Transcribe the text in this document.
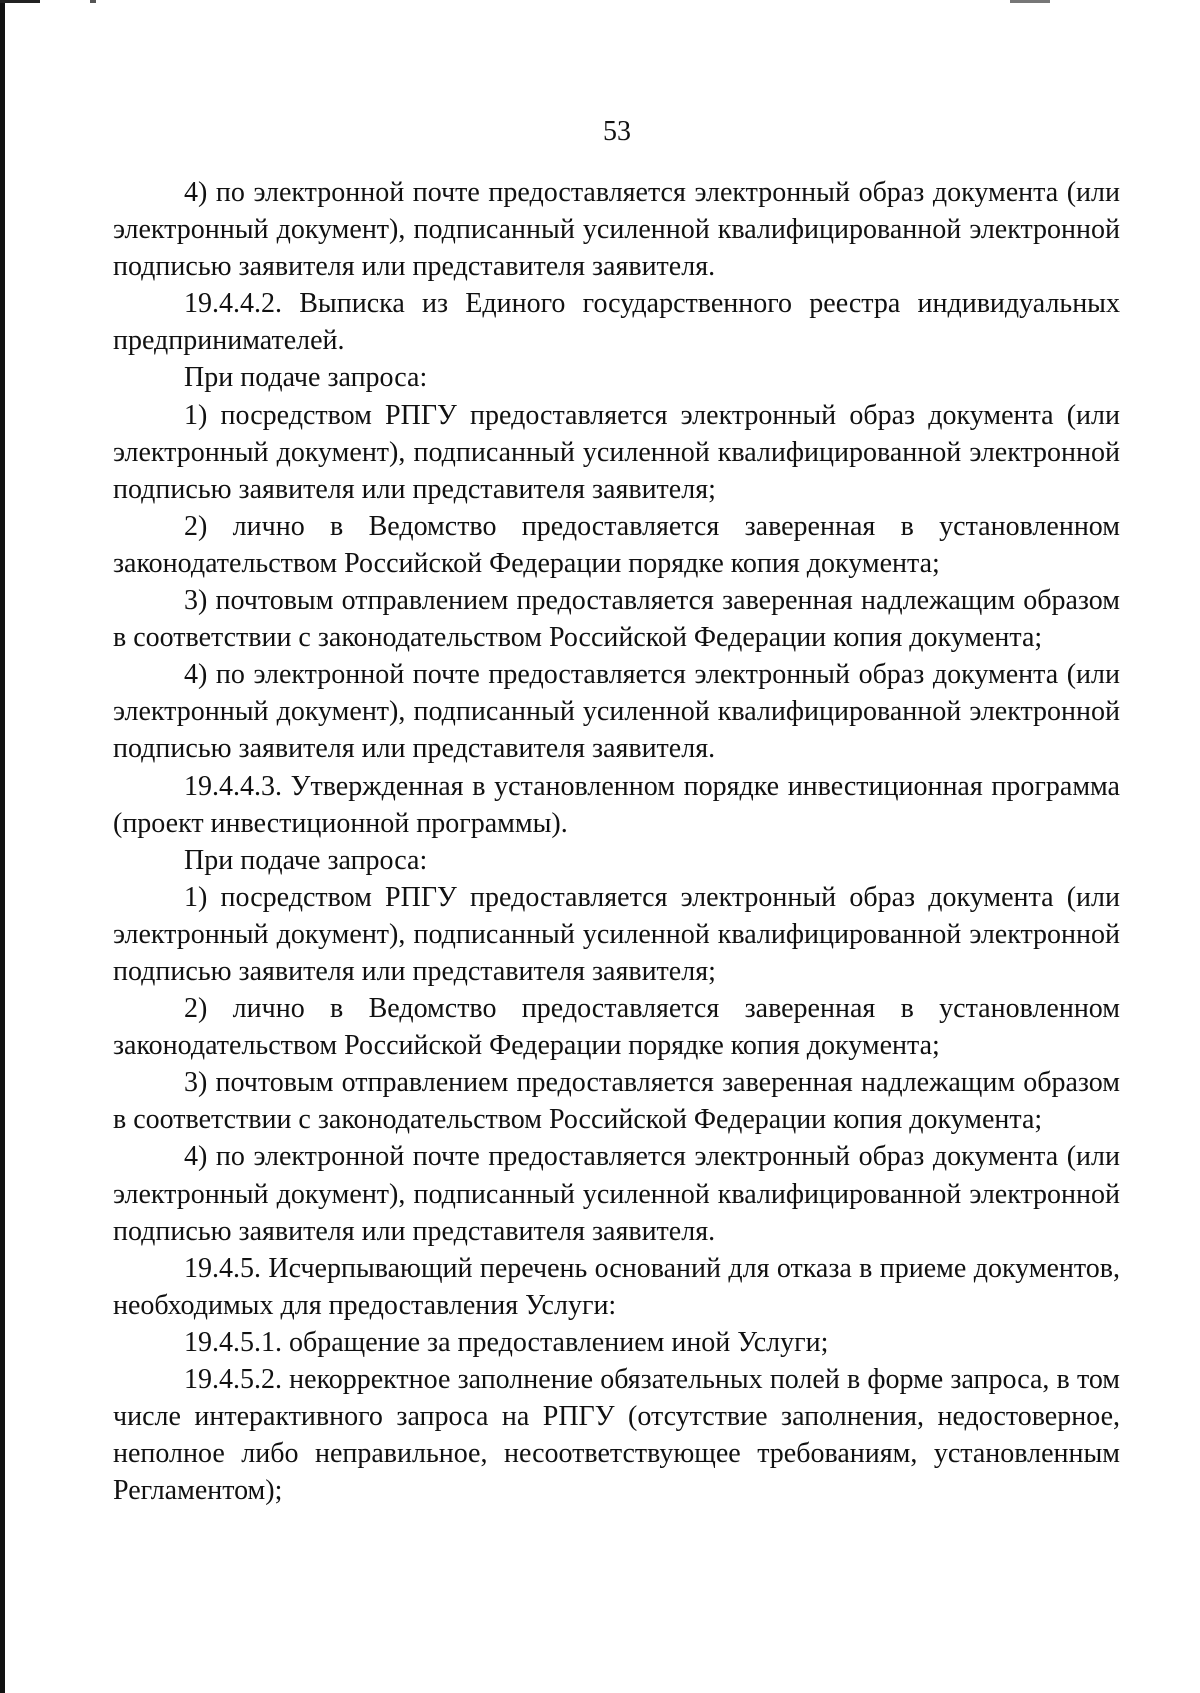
53

4) по электронной почте предоставляется электронный образ документа (или электронный документ), подписанный усиленной квалифицированной электронной подписью заявителя или представителя заявителя.

19.4.4.2. Выписка из Единого государственного реестра индивидуальных предпринимателей.

При подаче запроса:

1) посредством РПГУ предоставляется электронный образ документа (или электронный документ), подписанный усиленной квалифицированной электронной подписью заявителя или представителя заявителя;

2) лично в Ведомство предоставляется заверенная в установленном законодательством Российской Федерации порядке копия документа;

3) почтовым отправлением предоставляется заверенная надлежащим образом в соответствии с законодательством Российской Федерации копия документа;

4) по электронной почте предоставляется электронный образ документа (или электронный документ), подписанный усиленной квалифицированной электронной подписью заявителя или представителя заявителя.

19.4.4.3. Утвержденная в установленном порядке инвестиционная программа (проект инвестиционной программы).

При подаче запроса:

1) посредством РПГУ предоставляется электронный образ документа (или электронный документ), подписанный усиленной квалифицированной электронной подписью заявителя или представителя заявителя;

2) лично в Ведомство предоставляется заверенная в установленном законодательством Российской Федерации порядке копия документа;

3) почтовым отправлением предоставляется заверенная надлежащим образом в соответствии с законодательством Российской Федерации копия документа;

4) по электронной почте предоставляется электронный образ документа (или электронный документ), подписанный усиленной квалифицированной электронной подписью заявителя или представителя заявителя.

19.4.5. Исчерпывающий перечень оснований для отказа в приеме документов, необходимых для предоставления Услуги:

19.4.5.1. обращение за предоставлением иной Услуги;

19.4.5.2. некорректное заполнение обязательных полей в форме запроса, в том числе интерактивного запроса на РПГУ (отсутствие заполнения, недостоверное, неполное либо неправильное, несоответствующее требованиям, установленным Регламентом);
